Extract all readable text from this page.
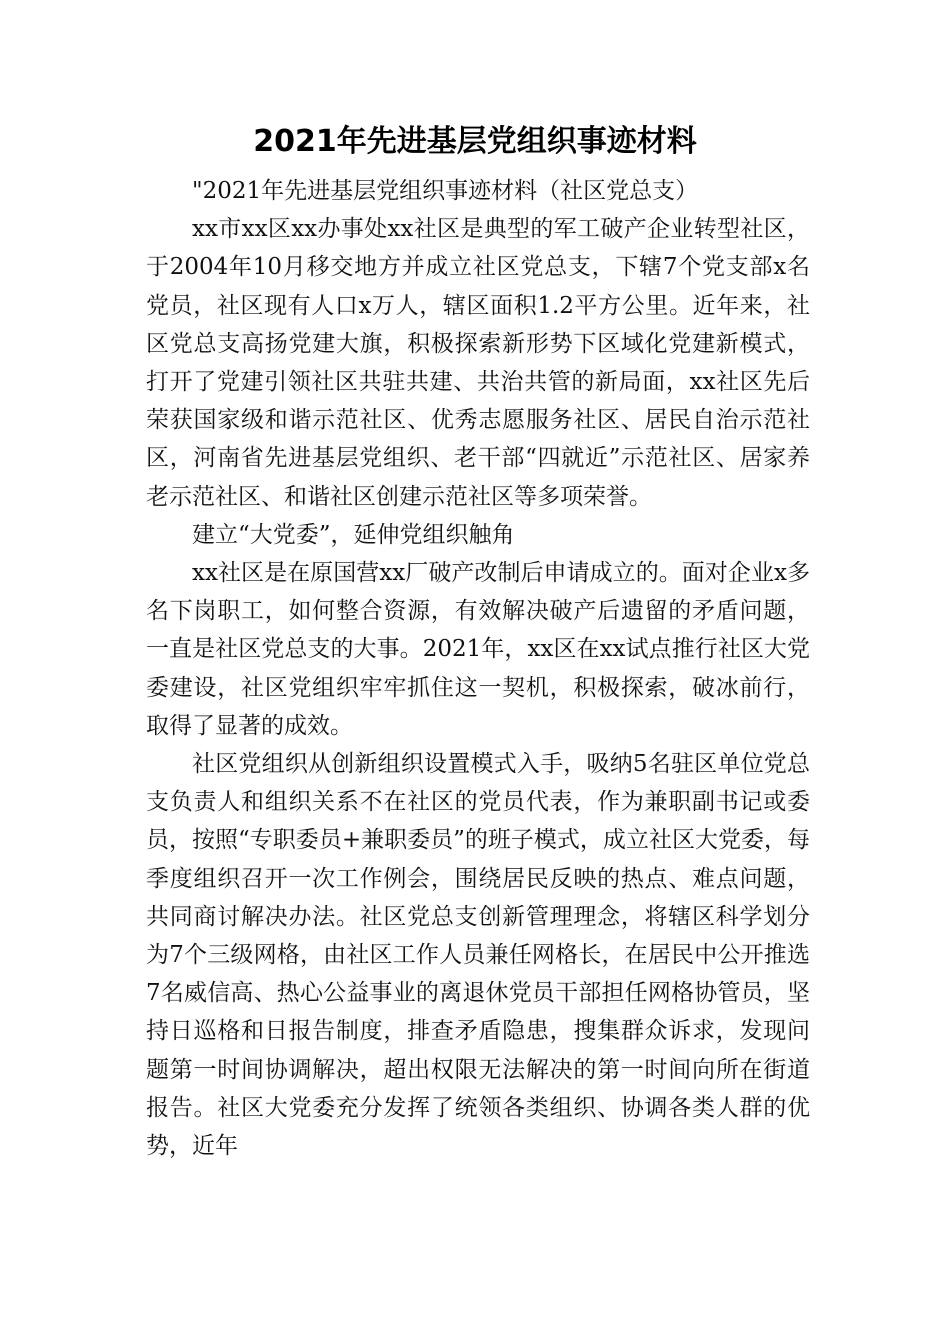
2021年先进基层党组织事迹材料

"2021年先进基层党组织事迹材料（社区党总支）

xx市xx区xx办事处xx社区是典型的军工破产企业转型社区，于2004年10月移交地方并成立社区党总支，下辖7个党支部x名党员，社区现有人口x万人，辖区面积1.2平方公里。近年来，社区党总支高扬党建大旗，积极探索新形势下区域化党建新模式，打开了党建引领社区共驻共建、共治共管的新局面，xx社区先后荣获国家级和谐示范社区、优秀志愿服务社区、居民自治示范社区，河南省先进基层党组织、老干部“四就近”示范社区、居家养老示范社区、和谐社区创建示范社区等多项荣誉。

建立“大党委”，延伸党组织触角

xx社区是在原国营xx厂破产改制后申请成立的。面对企业x多名下岗职工，如何整合资源，有效解决破产后遗留的矛盾问题，一直是社区党总支的大事。2021年，xx区在xx试点推行社区大党委建设，社区党组织牢牢抓住这一契机，积极探索，破冰前行，取得了显著的成效。

社区党组织从创新组织设置模式入手，吸纳5名驻区单位党总支负责人和组织关系不在社区的党员代表，作为兼职副书记或委员，按照“专职委员+兼职委员”的班子模式，成立社区大党委，每季度组织召开一次工作例会，围绕居民反映的热点、难点问题，共同商讨解决办法。社区党总支创新管理理念，将辖区科学划分为7个三级网格，由社区工作人员兼任网格长，在居民中公开推选7名威信高、热心公益事业的离退休党员干部担任网格协管员，坚持日巡格和日报告制度，排查矛盾隐患，搜集群众诉求，发现问题第一时间协调解决，超出权限无法解决的第一时间向所在街道报告。社区大党委充分发挥了统领各类组织、协调各类人群的优势，近年
